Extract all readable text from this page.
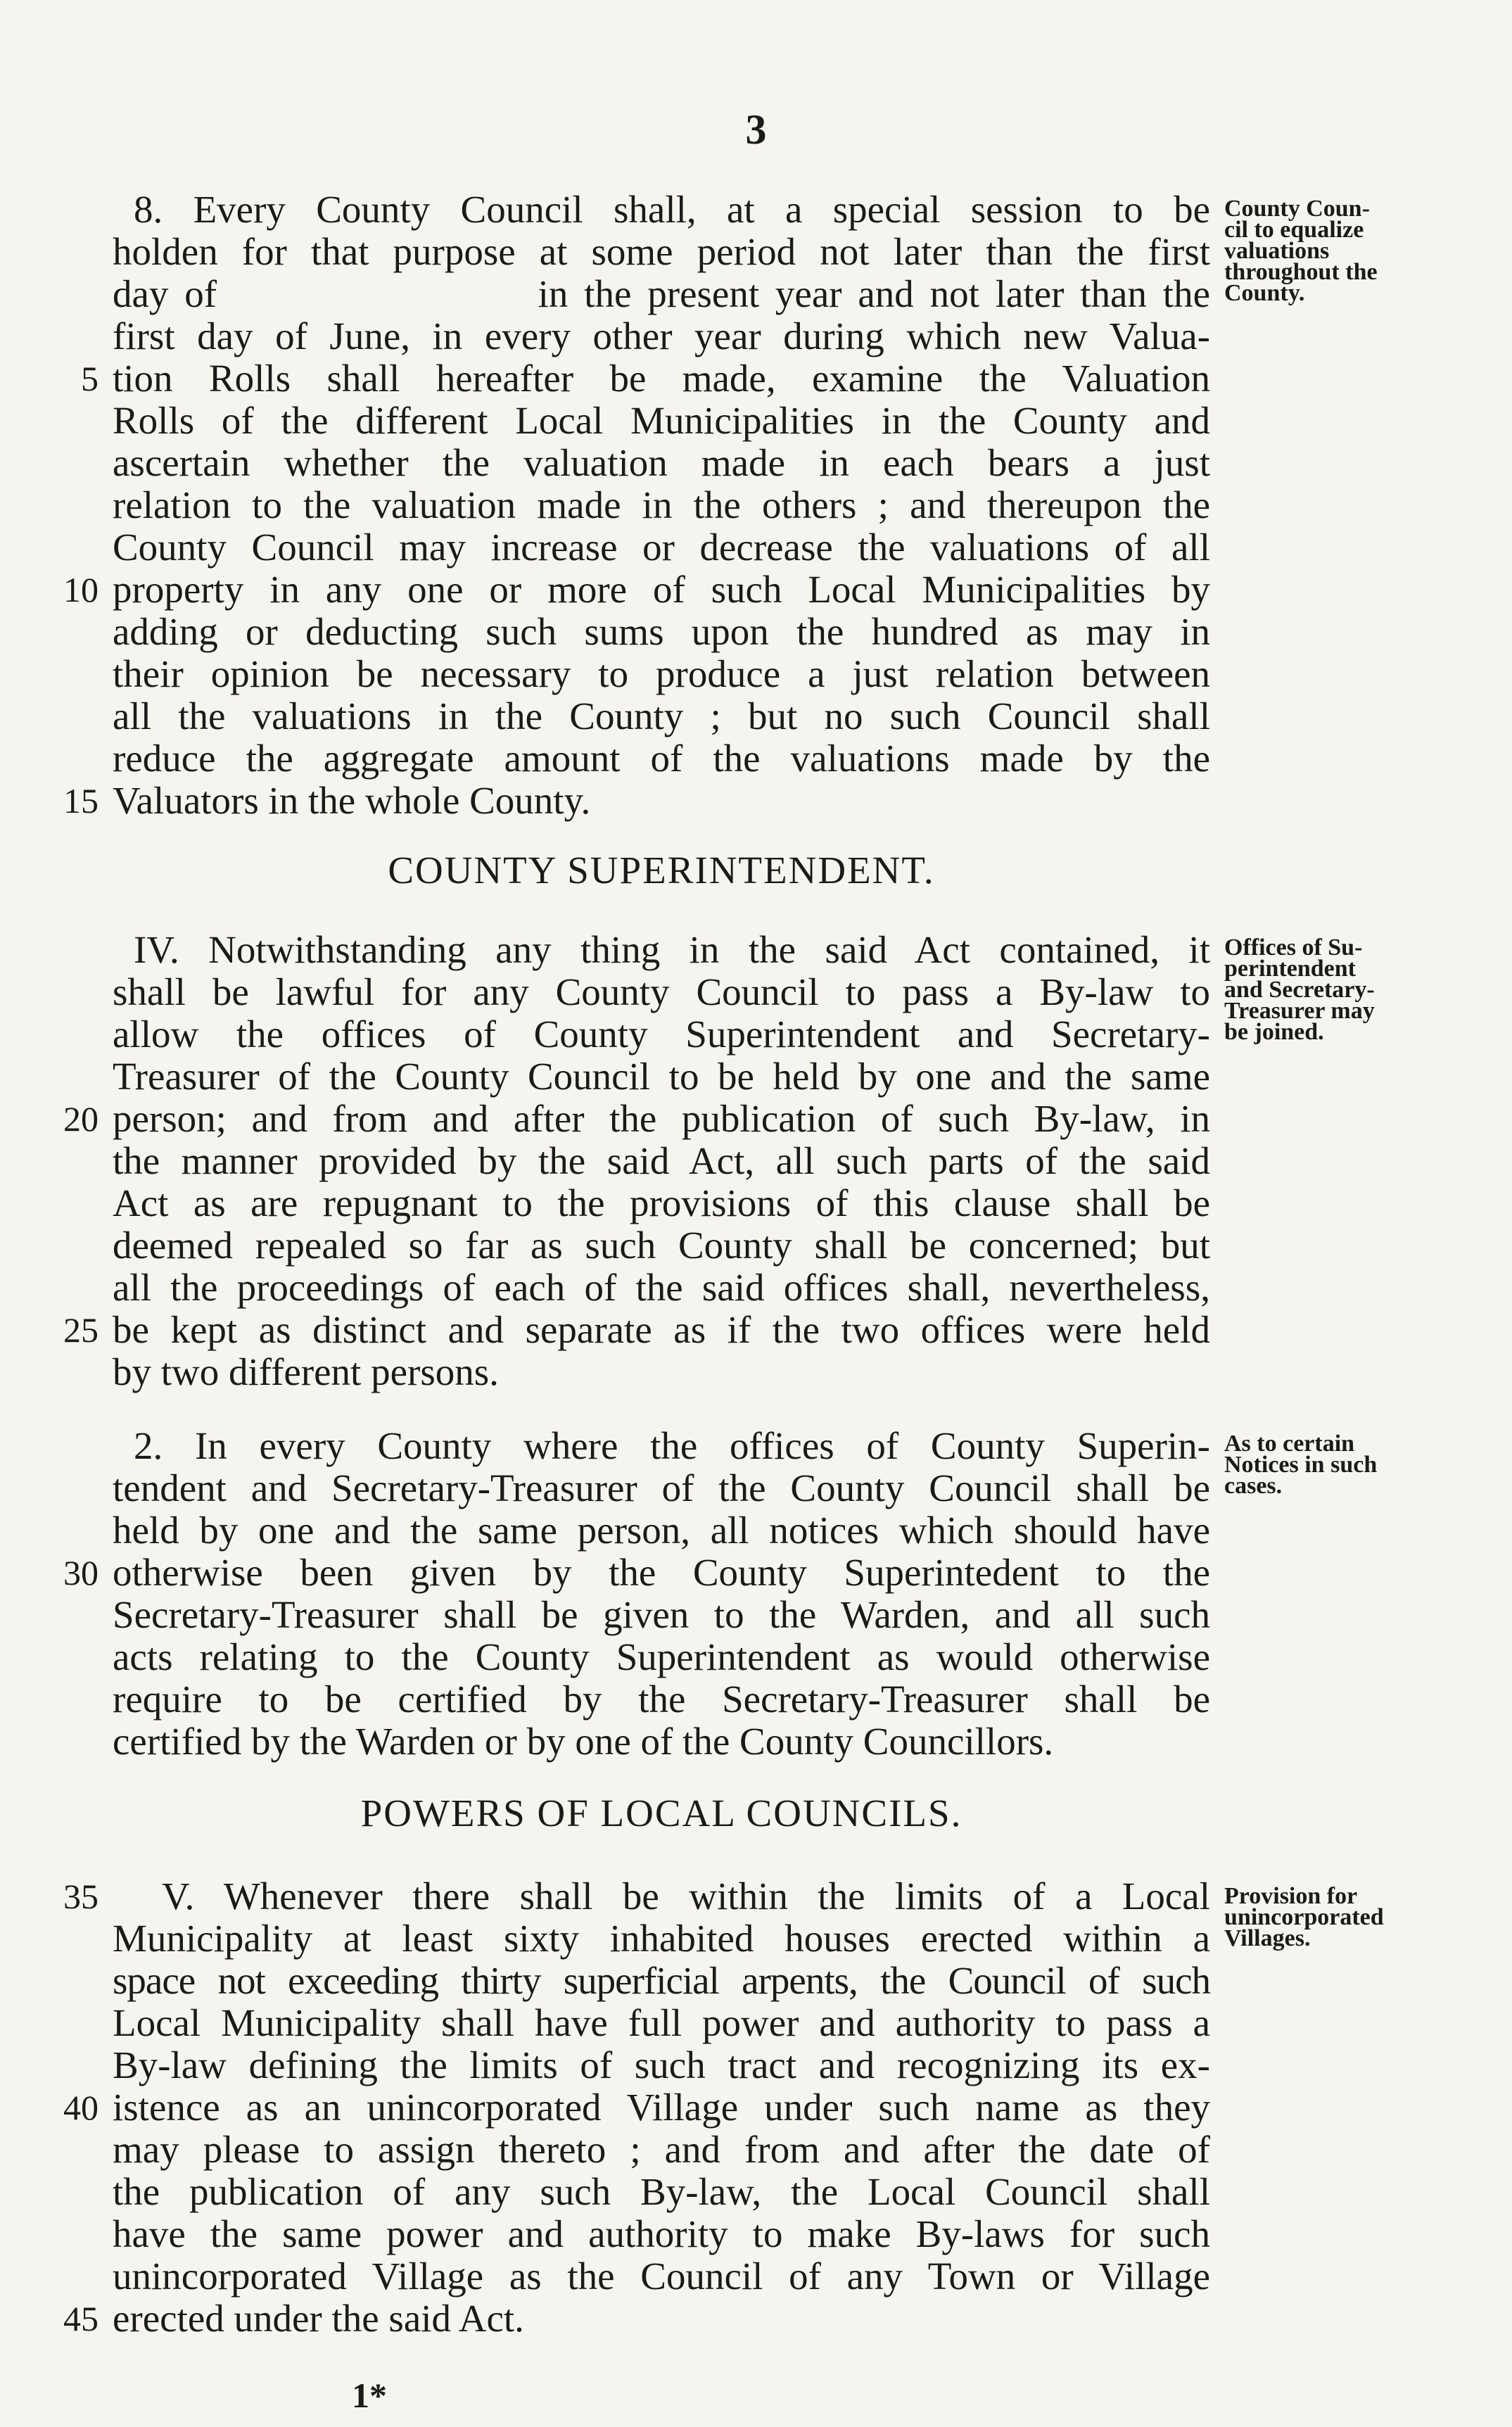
3
8. Every County Council shall, at a special session to be
holden for that purpose at some period not later than the first
day of                    in the present year and not later than the
first day of June, in every other year during which new Valua-
5 tion Rolls shall hereafter be made, examine the Valuation
Rolls of the different Local Municipalities in the County and
ascertain whether the valuation made in each bears a just
relation to the valuation made in the others ; and thereupon the
County Council may increase or decrease the valuations of all
10 property in any one or more of such Local Municipalities by
adding or deducting such sums upon the hundred as may in
their opinion be necessary to produce a just relation between
all the valuations in the County ; but no such Council shall
reduce the aggregate amount of the valuations made by the
15 Valuators in the whole County.
County Coun-
cil to equalize
valuations
throughout the
County.
COUNTY SUPERINTENDENT.
IV. Notwithstanding any thing in the said Act contained, it
shall be lawful for any County Council to pass a By-law to
allow the offices of County Superintendent and Secretary-
Treasurer of the County Council to be held by one and the same
20 person; and from and after the publication of such By-law, in
the manner provided by the said Act, all such parts of the said
Act as are repugnant to the provisions of this clause shall be
deemed repealed so far as such County shall be concerned; but
all the proceedings of each of the said offices shall, nevertheless,
25 be kept as distinct and separate as if the two offices were held
by two different persons.
Offices of Su-
perintendent
and Secretary-
Treasurer may
be joined.
2. In every County where the offices of County Superin-
tendent and Secretary-Treasurer of the County Council shall be
held by one and the same person, all notices which should have
30 otherwise been given by the County Superintedent to the
Secretary-Treasurer shall be given to the Warden, and all such
acts relating to the County Superintendent as would otherwise
require to be certified by the Secretary-Treasurer shall be
certified by the Warden or by one of the County Councillors.
As to certain
Notices in such
cases.
POWERS OF LOCAL COUNCILS.
35	V. Whenever there shall be within the limits of a Local
Municipality at least sixty inhabited houses erected within a
space not exceeding thirty superficial arpents, the Council of such
Local Municipality shall have full power and authority to pass a
By-law defining the limits of such tract and recognizing its ex-
40 istence as an unincorporated Village under such name as they
may please to assign thereto ; and from and after the date of
the publication of any such By-law, the Local Council shall
have the same power and authority to make By-laws for such
unincorporated Village as the Council of any Town or Village
45 erected under the said Act.
Provision for
unincorporated
Villages.
1*
